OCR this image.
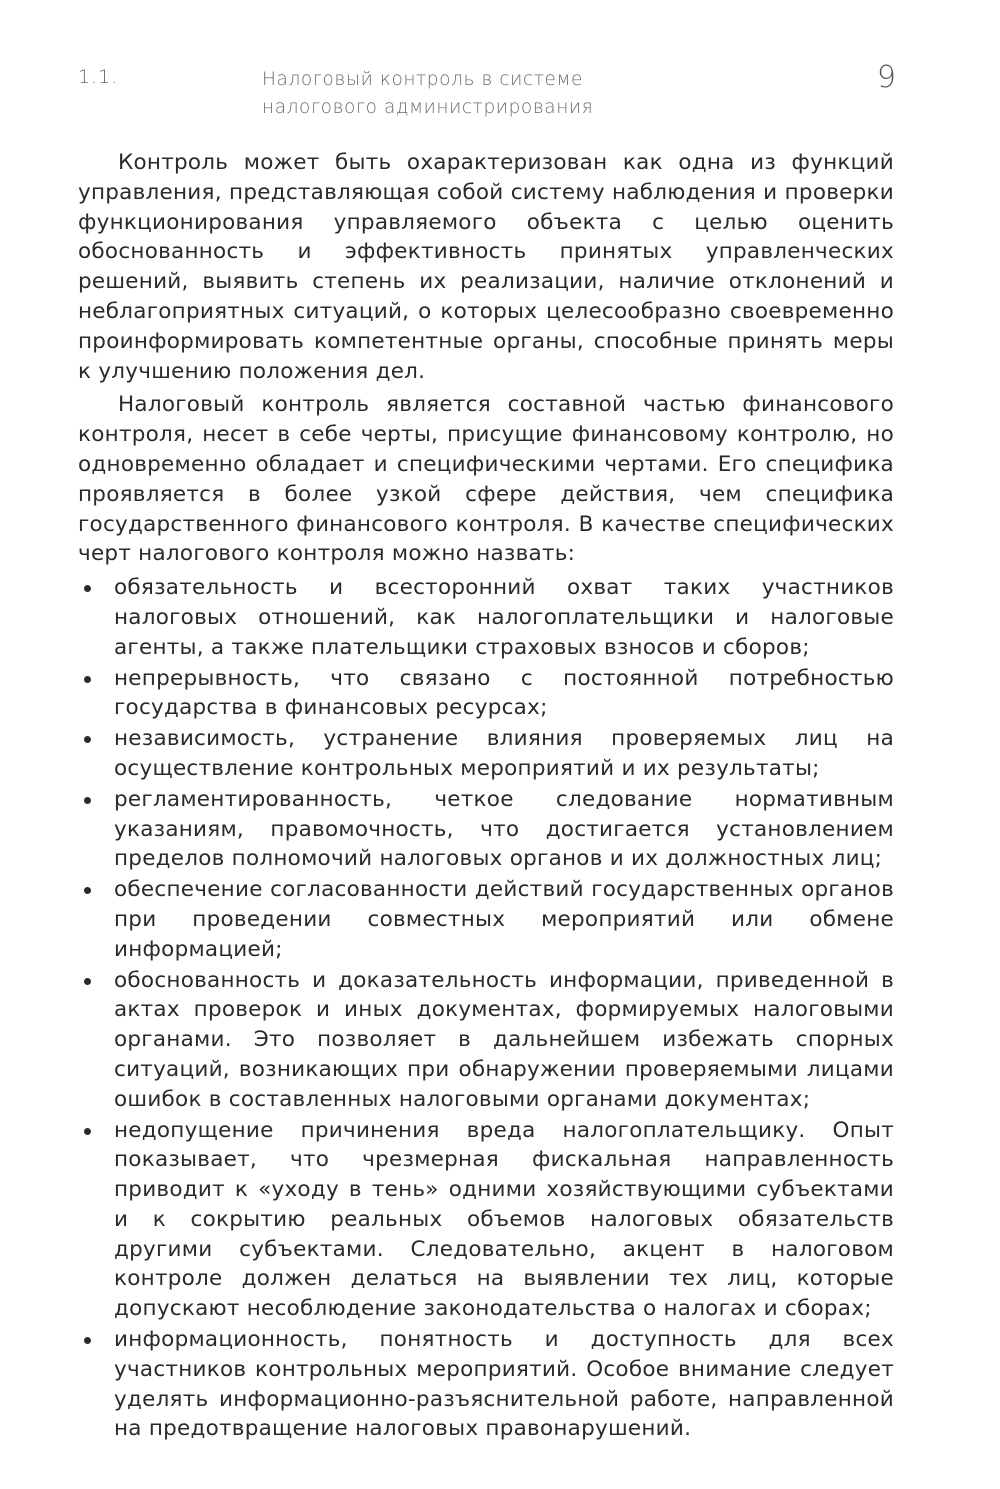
1.1.	Налоговый контроль в системе
налогового администрирования
9

Контроль может быть охарактеризован как одна из функций управления, представляющая собой систему наблюдения и проверки функционирования управляемого объекта с целью оценить обоснованность и эффективность принятых управленческих решений, выявить степень их реализации, наличие отклонений и неблагоприятных ситуаций, о которых целесообразно своевременно проинформировать компетентные органы, способные принять меры к улучшению положения дел.

Налоговый контроль является составной частью финансового контроля, несет в себе черты, присущие финансовому контролю, но одновременно обладает и специфическими чертами. Его специфика проявляется в более узкой сфере действия, чем специфика государственного финансового контроля. В качестве специфических черт налогового контроля можно назвать:

обязательность и всесторонний охват таких участников налоговых отношений, как налогоплательщики и налоговые агенты, а также плательщики страховых взносов и сборов;
непрерывность, что связано с постоянной потребностью государства в финансовых ресурсах;
независимость, устранение влияния проверяемых лиц на осуществление контрольных мероприятий и их результаты;
регламентированность, четкое следование нормативным указаниям, правомочность, что достигается установлением пределов полномочий налоговых органов и их должностных лиц;
обеспечение согласованности действий государственных органов при проведении совместных мероприятий или обмене информацией;
обоснованность и доказательность информации, приведенной в актах проверок и иных документах, формируемых налоговыми органами. Это позволяет в дальнейшем избежать спорных ситуаций, возникающих при обнаружении проверяемыми лицами ошибок в составленных налоговыми органами документах;
недопущение причинения вреда налогоплательщику. Опыт показывает, что чрезмерная фискальная направленность приводит к «уходу в тень» одними хозяйствующими субъектами и к сокрытию реальных объемов налоговых обязательств другими субъектами. Следовательно, акцент в налоговом контроле должен делаться на выявлении тех лиц, которые допускают несоблюдение законодательства о налогах и сборах;
информационность, понятность и доступность для всех участников контрольных мероприятий. Особое внимание следует уделять информационно-разъяснительной работе, направленной на предотвращение налоговых правонарушений.
